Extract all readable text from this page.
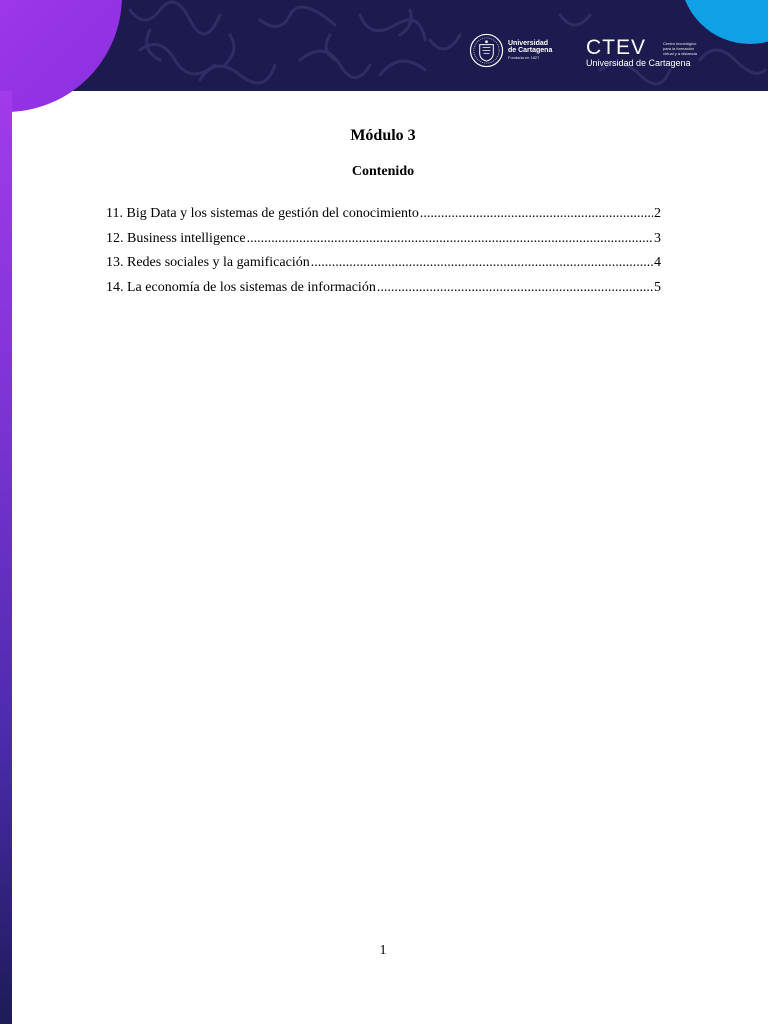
Universidad
de Cartagena
Fundada en 1827	CTEV	Centro tecnológico para la formación virtual y a distancia
Universidad de Cartagena
Módulo 3
Contenido
11. Big Data y los sistemas de gestión del conocimiento .....	2
12. Business intelligence .....	3
13. Redes sociales y la gamificación .....	4
14. La economía de los sistemas de información .....	5
1
